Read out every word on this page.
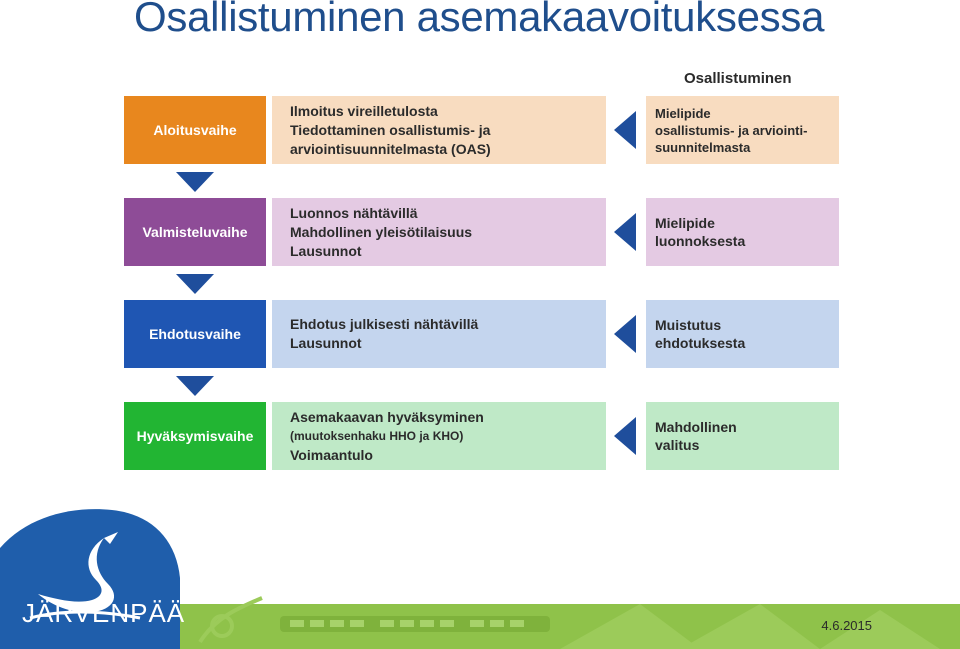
Osallistuminen asemakaavoituksessa
Osallistuminen
Aloitusvaihe
Ilmoitus vireilletulosta
Tiedottaminen osallistumis- ja
arviointisuunnitelmasta (OAS)
Mielipide
osallistumis- ja arviointi-
suunnitelmasta
Valmisteluvaihe
Luonnos nähtävillä
Mahdollinen yleisötilaisuus
Lausunnot
Mielipide
luonnoksesta
Ehdotusvaihe
Ehdotus julkisesti nähtävillä
Lausunnot
Muistutus
ehdotuksesta
Hyväksymisvaihe
Asemakaavan hyväksyminen
(muutoksenhaku HHO ja KHO)
Voimaantulo
Mahdollinen
valitus
JÄRVENPÄÄ	4.6.2015
